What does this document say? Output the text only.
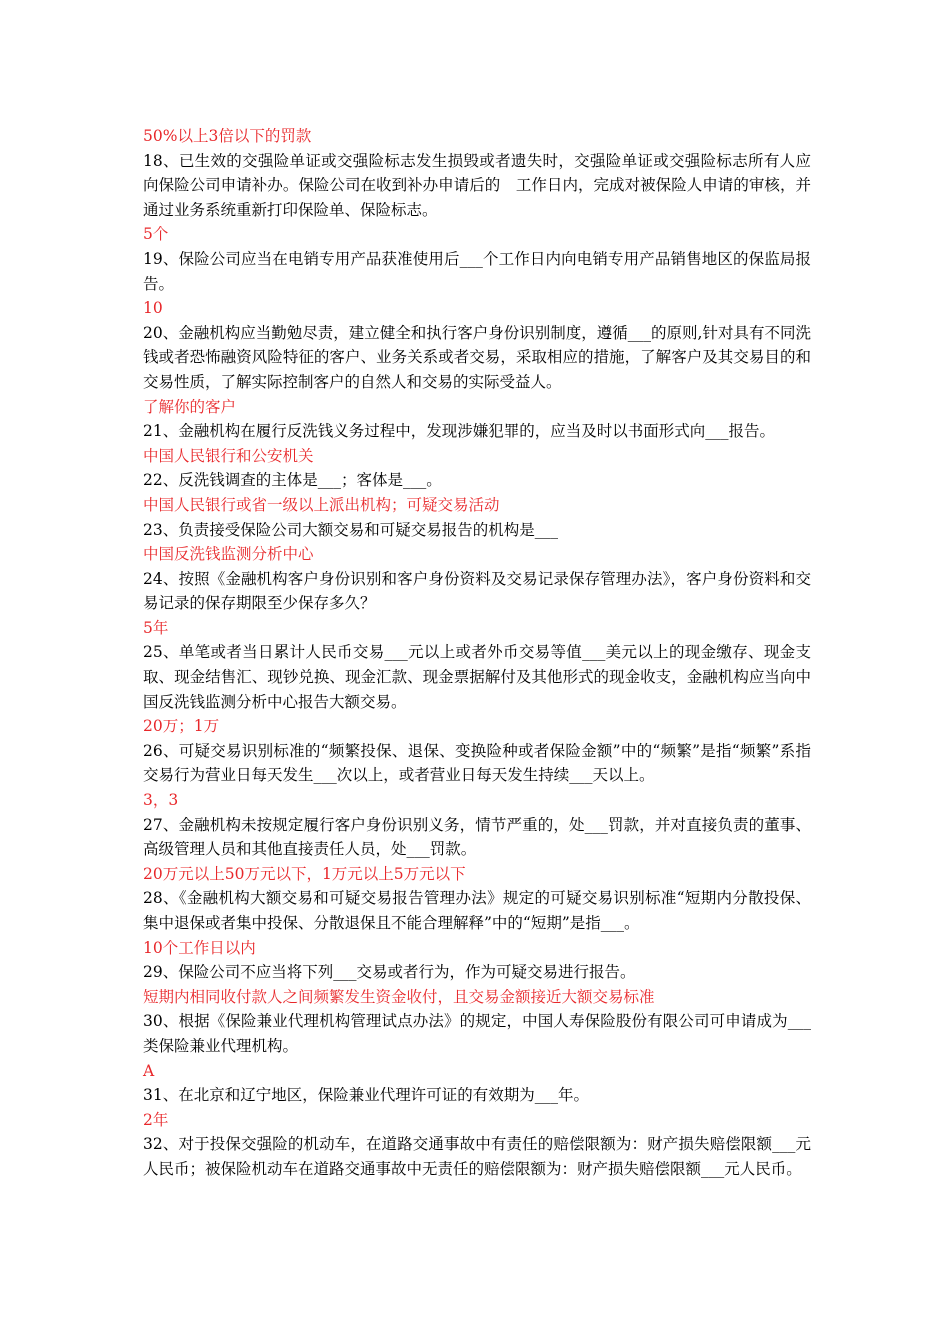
50%以上3倍以下的罚款

18、已生效的交强险单证或交强险标志发生损毁或者遗失时，交强险单证或交强险标志所有人应向保险公司申请补办。保险公司在收到补办申请后的　工作日内，完成对被保险人申请的审核，并通过业务系统重新打印保险单、保险标志。

5个

19、保险公司应当在电销专用产品获准使用后___个工作日内向电销专用产品销售地区的保监局报告。

10

20、金融机构应当勤勉尽责，建立健全和执行客户身份识别制度，遵循___的原则,针对具有不同洗钱或者恐怖融资风险特征的客户、业务关系或者交易，采取相应的措施，了解客户及其交易目的和交易性质，了解实际控制客户的自然人和交易的实际受益人。

了解你的客户

21、金融机构在履行反洗钱义务过程中，发现涉嫌犯罪的，应当及时以书面形式向___报告。

中国人民银行和公安机关

22、反洗钱调查的主体是___；客体是___。

中国人民银行或省一级以上派出机构；可疑交易活动

23、负责接受保险公司大额交易和可疑交易报告的机构是___

中国反洗钱监测分析中心

24、按照《金融机构客户身份识别和客户身份资料及交易记录保存管理办法》，客户身份资料和交易记录的保存期限至少保存多久？

5年

25、单笔或者当日累计人民币交易___元以上或者外币交易等值___美元以上的现金缴存、现金支取、现金结售汇、现钞兑换、现金汇款、现金票据解付及其他形式的现金收支，金融机构应当向中国反洗钱监测分析中心报告大额交易。

20万；1万

26、可疑交易识别标准的“频繁投保、退保、变换险种或者保险金额”中的“频繁”是指“频繁”系指交易行为营业日每天发生___次以上，或者营业日每天发生持续___天以上。

3，3

27、金融机构未按规定履行客户身份识别义务，情节严重的，处___罚款，并对直接负责的董事、高级管理人员和其他直接责任人员，处___罚款。

20万元以上50万元以下，1万元以上5万元以下

28、《金融机构大额交易和可疑交易报告管理办法》规定的可疑交易识别标准“短期内分散投保、集中退保或者集中投保、分散退保且不能合理解释”中的“短期”是指___。

10个工作日以内

29、保险公司不应当将下列___交易或者行为，作为可疑交易进行报告。

短期内相同收付款人之间频繁发生资金收付，且交易金额接近大额交易标准

30、根据《保险兼业代理机构管理试点办法》的规定，中国人寿保险股份有限公司可申请成为___类保险兼业代理机构。

A

31、在北京和辽宁地区，保险兼业代理许可证的有效期为___年。

2年

32、对于投保交强险的机动车，在道路交通事故中有责任的赔偿限额为：财产损失赔偿限额___元人民币；被保险机动车在道路交通事故中无责任的赔偿限额为：财产损失赔偿限额___元人民币。
